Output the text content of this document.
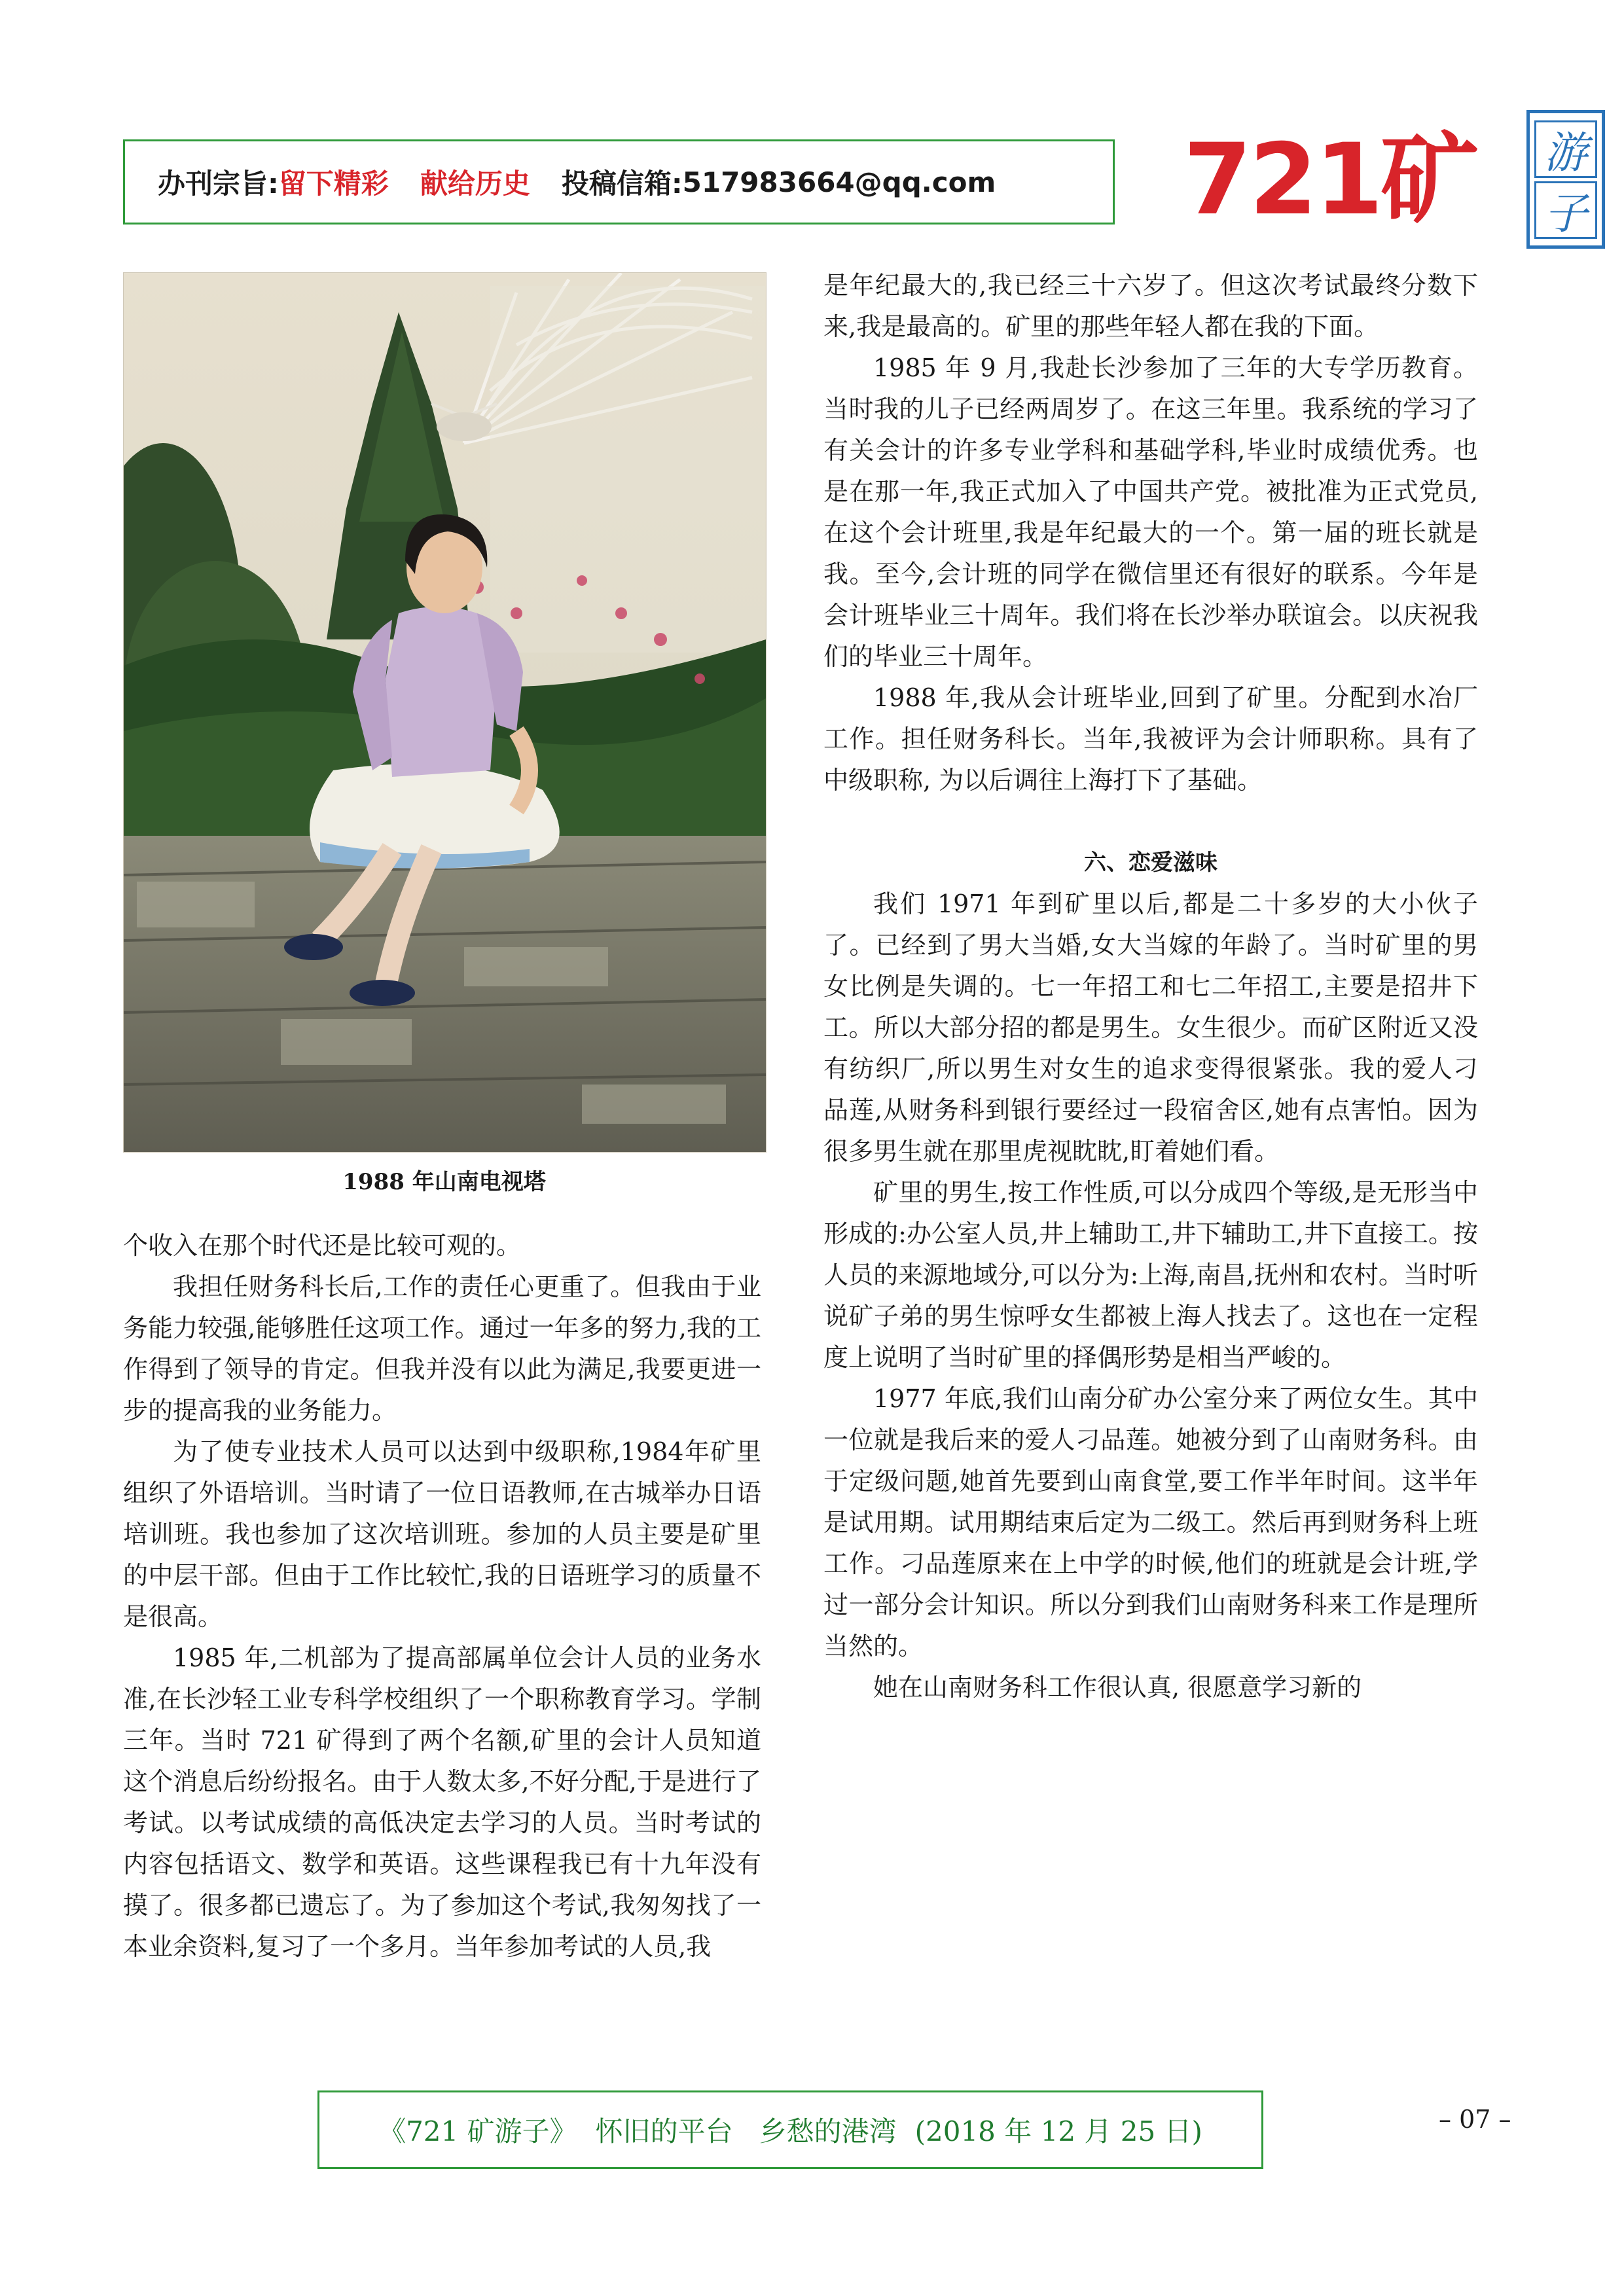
办刊宗旨: 留下精彩 献给历史 投稿信箱: 517983664@qq.com 721矿 游
子
1988 年山南电视塔

个收入在那个时代还是比较可观的。

我担任财务科长后,工作的责任心更重了。但我由于业务能力较强,能够胜任这项工作。通过一年多的努力,我的工作得到了领导的肯定。但我并没有以此为满足,我要更进一步的提高我的业务能力。

为了使专业技术人员可以达到中级职称,1984年矿里组织了外语培训。当时请了一位日语教师,在古城举办日语培训班。我也参加了这次培训班。参加的人员主要是矿里的中层干部。但由于工作比较忙,我的日语班学习的质量不是很高。

1985 年,二机部为了提高部属单位会计人员的业务水准,在长沙轻工业专科学校组织了一个职称教育学习。学制三年。当时 721 矿得到了两个名额,矿里的会计人员知道这个消息后纷纷报名。由于人数太多,不好分配,于是进行了考试。以考试成绩的高低决定去学习的人员。当时考试的内容包括语文、数学和英语。这些课程我已有十九年没有摸了。很多都已遗忘了。为了参加这个考试,我匆匆找了一本业余资料,复习了一个多月。当年参加考试的人员,我

是年纪最大的,我已经三十六岁了。但这次考试最终分数下来,我是最高的。矿里的那些年轻人都在我的下面。

1985 年 9 月,我赴长沙参加了三年的大专学历教育。当时我的儿子已经两周岁了。在这三年里。我系统的学习了有关会计的许多专业学科和基础学科,毕业时成绩优秀。也是在那一年,我正式加入了中国共产党。被批准为正式党员,在这个会计班里,我是年纪最大的一个。第一届的班长就是我。至今,会计班的同学在微信里还有很好的联系。今年是会计班毕业三十周年。我们将在长沙举办联谊会。以庆祝我们的毕业三十周年。

1988 年,我从会计班毕业,回到了矿里。分配到水冶厂工作。担任财务科长。当年,我被评为会计师职称。具有了中级职称, 为以后调往上海打下了基础。

六、恋爱滋味

我们 1971 年到矿里以后,都是二十多岁的大小伙子了。已经到了男大当婚,女大当嫁的年龄了。当时矿里的男女比例是失调的。七一年招工和七二年招工,主要是招井下工。所以大部分招的都是男生。女生很少。而矿区附近又没有纺织厂,所以男生对女生的追求变得很紧张。我的爱人刁品莲,从财务科到银行要经过一段宿舍区,她有点害怕。因为很多男生就在那里虎视眈眈,盯着她们看。

矿里的男生,按工作性质,可以分成四个等级,是无形当中形成的:办公室人员,井上辅助工,井下辅助工,井下直接工。按人员的来源地域分,可以分为:上海,南昌,抚州和农村。当时听说矿子弟的男生惊呼女生都被上海人找去了。这也在一定程度上说明了当时矿里的择偶形势是相当严峻的。

1977 年底,我们山南分矿办公室分来了两位女生。其中一位就是我后来的爱人刁品莲。她被分到了山南财务科。由于定级问题,她首先要到山南食堂,要工作半年时间。这半年是试用期。试用期结束后定为二级工。然后再到财务科上班工作。刁品莲原来在上中学的时候,他们的班就是会计班,学过一部分会计知识。所以分到我们山南财务科来工作是理所当然的。

她在山南财务科工作很认真, 很愿意学习新的

《721 矿游子》 怀旧的平台 乡愁的港湾 (2018 年 12 月 25 日)	– 07 –
